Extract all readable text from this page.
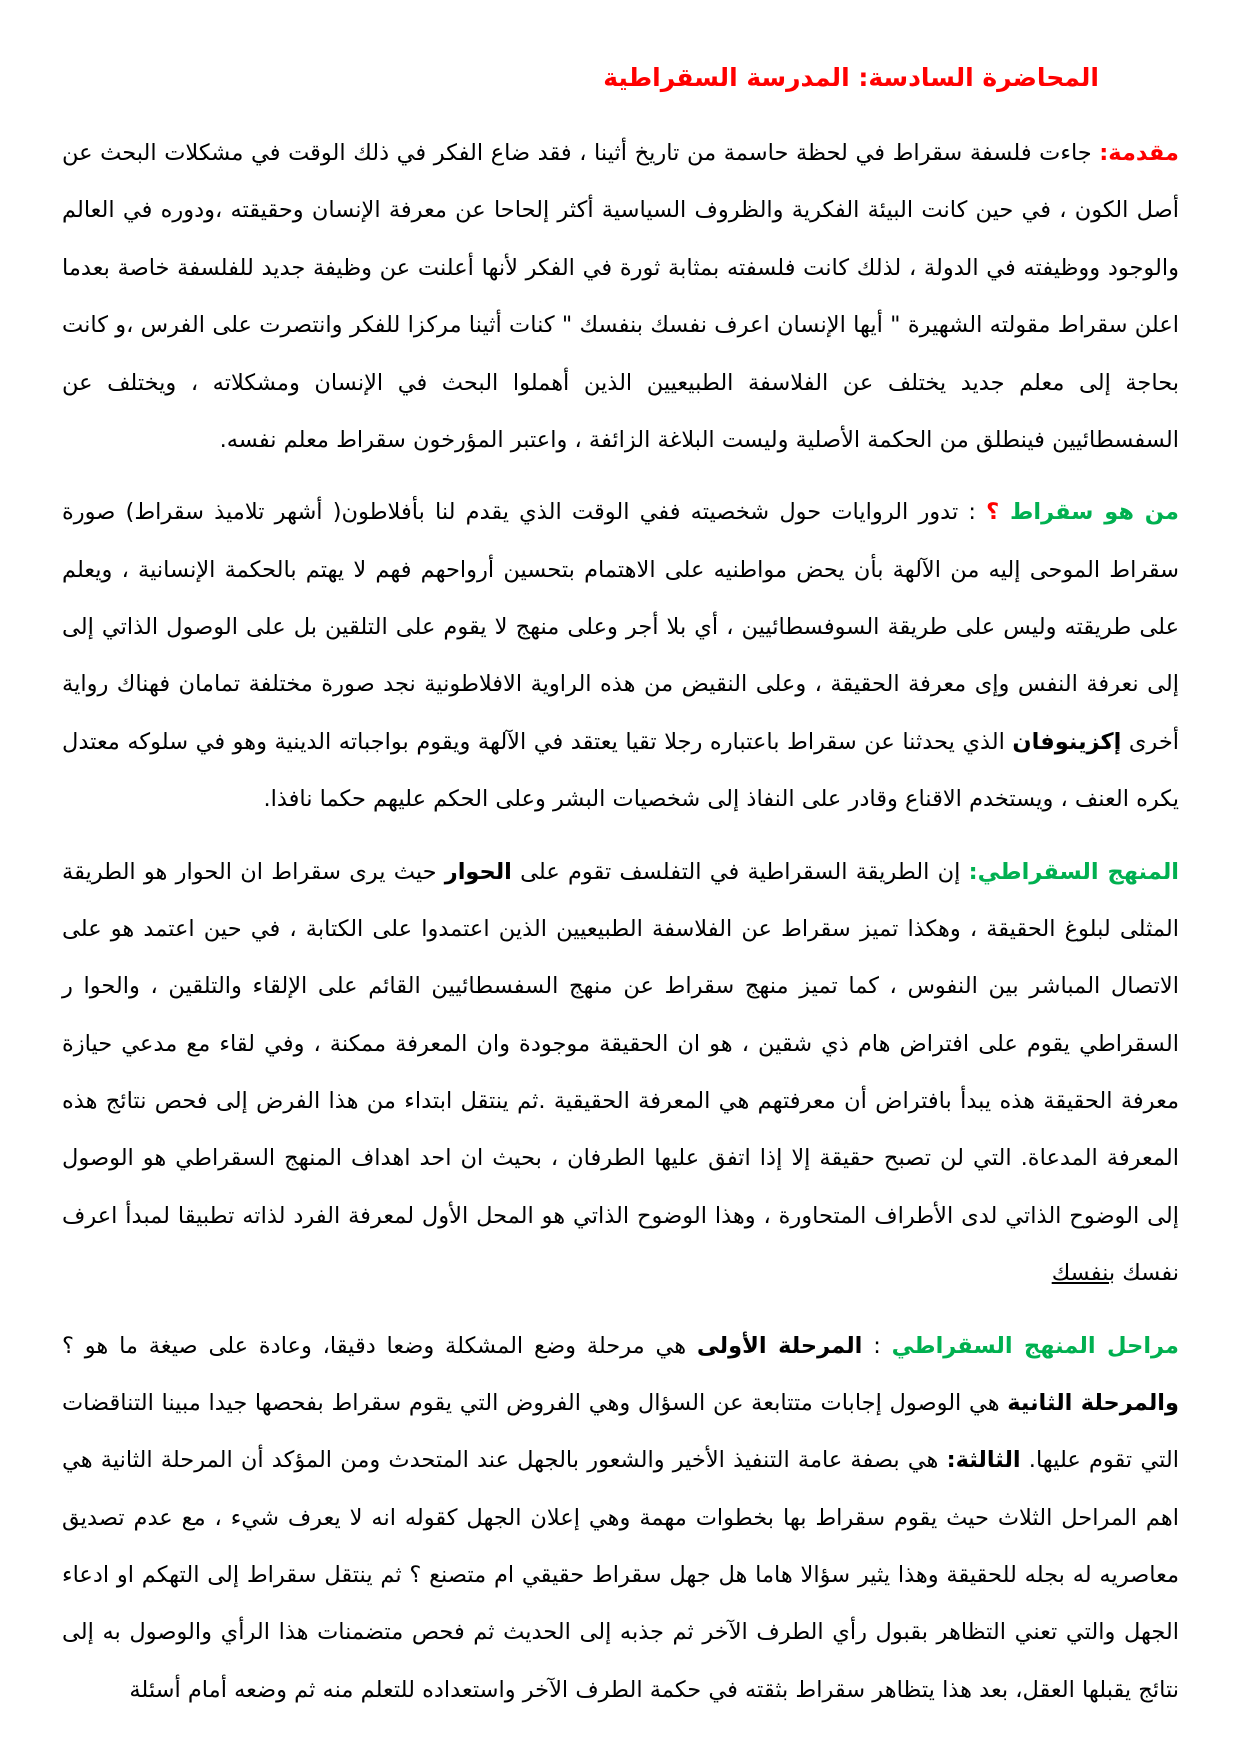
المحاضرة السادسة: المدرسة السقراطية

مقدمة: جاءت فلسفة سقراط في لحظة حاسمة من تاريخ أثينا ، فقد ضاع الفكر في ذلك الوقت في مشكلات البحث عن أصل الكون ، في حين كانت البيئة الفكرية والظروف السياسية أكثر إلحاحا عن معرفة الإنسان وحقيقته ،ودوره في العالم والوجود ووظيفته في الدولة ، لذلك كانت فلسفته بمثابة ثورة في الفكر لأنها أعلنت عن وظيفة جديد للفلسفة خاصة بعدما اعلن سقراط مقولته الشهيرة " أيها الإنسان اعرف نفسك بنفسك " كنات أثينا مركزا للفكر وانتصرت على الفرس ،و كانت بحاجة إلى معلم جديد يختلف عن الفلاسفة الطبيعيين الذين أهملوا البحث في الإنسان ومشكلاته ، ويختلف عن السفسطائيين فينطلق من الحكمة الأصلية وليست البلاغة الزائفة ، واعتبر المؤرخون سقراط معلم نفسه.

من هو سقراط ؟ : تدور الروايات حول شخصيته ففي الوقت الذي يقدم لنا بأفلاطون( أشهر تلاميذ سقراط) صورة سقراط الموحى إليه من الآلهة بأن يحض مواطنيه على الاهتمام بتحسين أرواحهم فهم لا يهتم بالحكمة الإنسانية ، ويعلم على طريقته وليس على طريقة السوفسطائيين ، أي بلا أجر وعلى منهج لا يقوم على التلقين بل على الوصول الذاتي إلى إلى نعرفة النفس وإى معرفة الحقيقة ، وعلى النقيض من هذه الراوية الافلاطونية نجد صورة مختلفة تمامان فهناك رواية أخرى إكزينوفان الذي يحدثنا عن سقراط باعتباره رجلا تقيا يعتقد في الآلهة ويقوم بواجباته الدينية وهو في سلوكه معتدل يكره العنف ، ويستخدم الاقناع وقادر على النفاذ إلى شخصيات البشر وعلى الحكم عليهم حكما نافذا.

المنهج السقراطي: إن الطريقة السقراطية في التفلسف تقوم على الحوار حيث يرى سقراط ان الحوار هو الطريقة المثلى لبلوغ الحقيقة ، وهكذا تميز سقراط عن الفلاسفة الطبيعيين الذين اعتمدوا على الكتابة ، في حين اعتمد هو على الاتصال المباشر بين النفوس ، كما تميز منهج سقراط عن منهج السفسطائيين القائم على الإلقاء والتلقين ، والحوا ر السقراطي يقوم على افتراض هام ذي شقين ، هو ان الحقيقة موجودة وان المعرفة ممكنة ، وفي لقاء مع مدعي حيازة معرفة الحقيقة هذه يبدأ بافتراض أن معرفتهم هي المعرفة الحقيقية .ثم ينتقل ابتداء من هذا الفرض إلى فحص نتائج هذه المعرفة المدعاة. التي لن تصبح حقيقة إلا إذا اتفق عليها الطرفان ، بحيث ان احد اهداف المنهج السقراطي هو الوصول إلى الوضوح الذاتي لدى الأطراف المتحاورة ، وهذا الوضوح الذاتي هو المحل الأول لمعرفة الفرد لذاته تطبيقا لمبدأ اعرف نفسك بنفسك

مراحل المنهج السقراطي : المرحلة الأولى هي مرحلة وضع المشكلة وضعا دقيقا، وعادة على صيغة ما هو ؟ والمرحلة الثانية هي الوصول إجابات متتابعة عن السؤال وهي الفروض التي يقوم سقراط بفحصها جيدا مبينا التناقضات التي تقوم عليها. الثالثة: هي بصفة عامة التنفيذ الأخير والشعور بالجهل عند المتحدث ومن المؤكد أن المرحلة الثانية هي اهم المراحل الثلاث حيث يقوم سقراط بها بخطوات مهمة وهي إعلان الجهل كقوله انه لا يعرف شيء ، مع عدم تصديق معاصريه له بجله للحقيقة وهذا يثير سؤالا هاما هل جهل سقراط حقيقي ام متصنع ؟ ثم ينتقل سقراط إلى التهكم او ادعاء الجهل والتي تعني التظاهر بقبول رأي الطرف الآخر ثم جذبه إلى الحديث ثم فحص متضمنات هذا الرأي والوصول به إلى نتائج يقبلها العقل، بعد هذا يتظاهر سقراط بثقته في حكمة الطرف الآخر واستعداده للتعلم منه ثم وضعه أمام أسئلة
